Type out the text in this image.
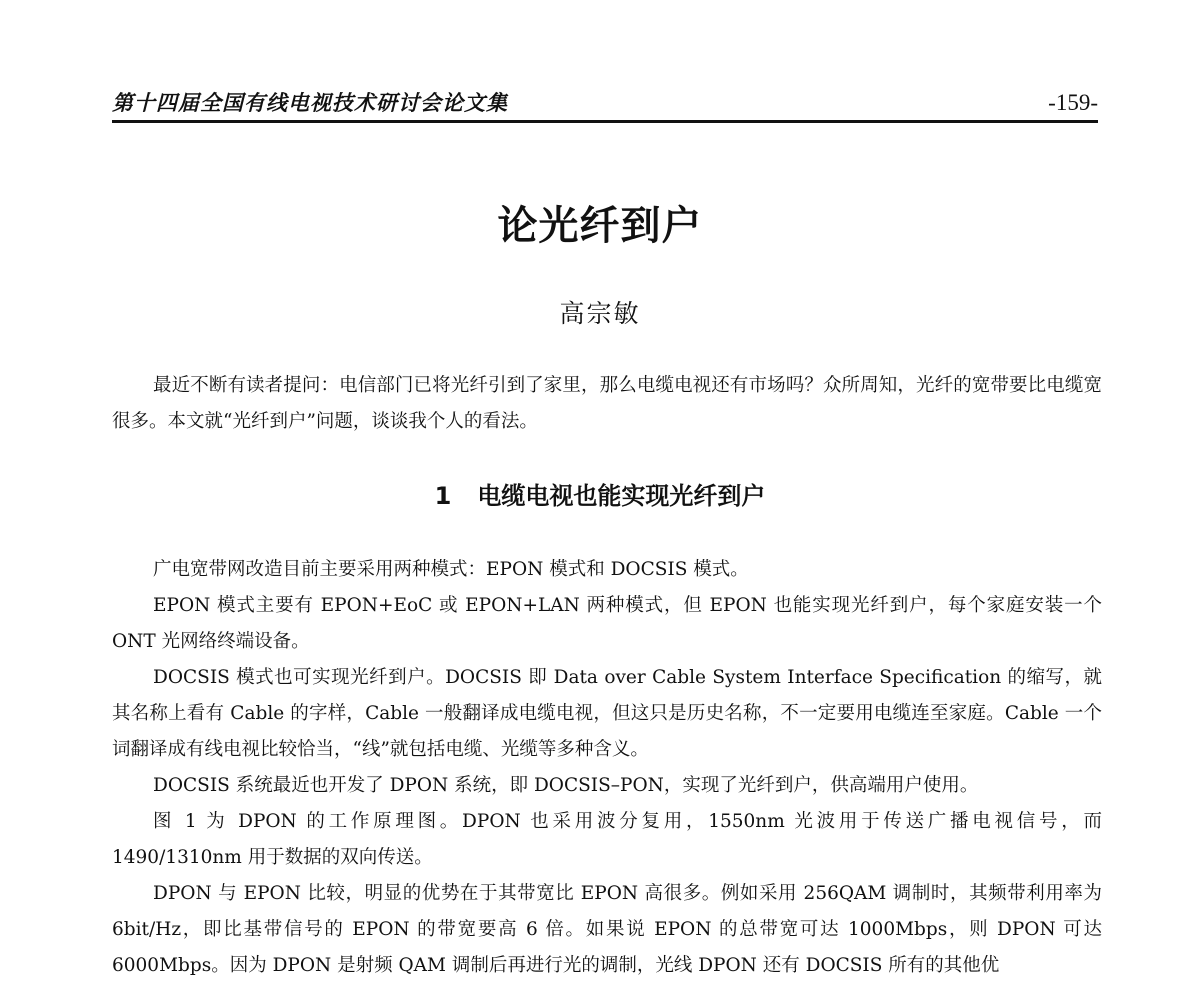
第十四届全国有线电视技术研讨会论文集	-159-
论光纤到户
高宗敏

最近不断有读者提问：电信部门已将光纤引到了家里，那么电缆电视还有市场吗？众所周知，光纤的宽带要比电缆宽很多。本文就“光纤到户”问题，谈谈我个人的看法。

1 电缆电视也能实现光纤到户

广电宽带网改造目前主要采用两种模式：EPON 模式和 DOCSIS 模式。

EPON 模式主要有 EPON+EoC 或 EPON+LAN 两种模式，但 EPON 也能实现光纤到户，每个家庭安装一个 ONT 光网络终端设备。

DOCSIS 模式也可实现光纤到户。DOCSIS 即 Data over Cable System Interface Specification 的缩写，就其名称上看有 Cable 的字样，Cable 一般翻译成电缆电视，但这只是历史名称，不一定要用电缆连至家庭。Cable 一个词翻译成有线电视比较恰当，“线”就包括电缆、光缆等多种含义。

DOCSIS 系统最近也开发了 DPON 系统，即 DOCSIS–PON，实现了光纤到户，供高端用户使用。

图 1 为 DPON 的工作原理图。DPON 也采用波分复用，1550nm 光波用于传送广播电视信号，而 1490/1310nm 用于数据的双向传送。

DPON 与 EPON 比较，明显的优势在于其带宽比 EPON 高很多。例如采用 256QAM 调制时，其频带利用率为 6bit/Hz，即比基带信号的 EPON 的带宽要高 6 倍。如果说 EPON 的总带宽可达 1000Mbps，则 DPON 可达 6000Mbps。因为 DPON 是射频 QAM 调制后再进行光的调制，光线 DPON 还有 DOCSIS 所有的其他优
